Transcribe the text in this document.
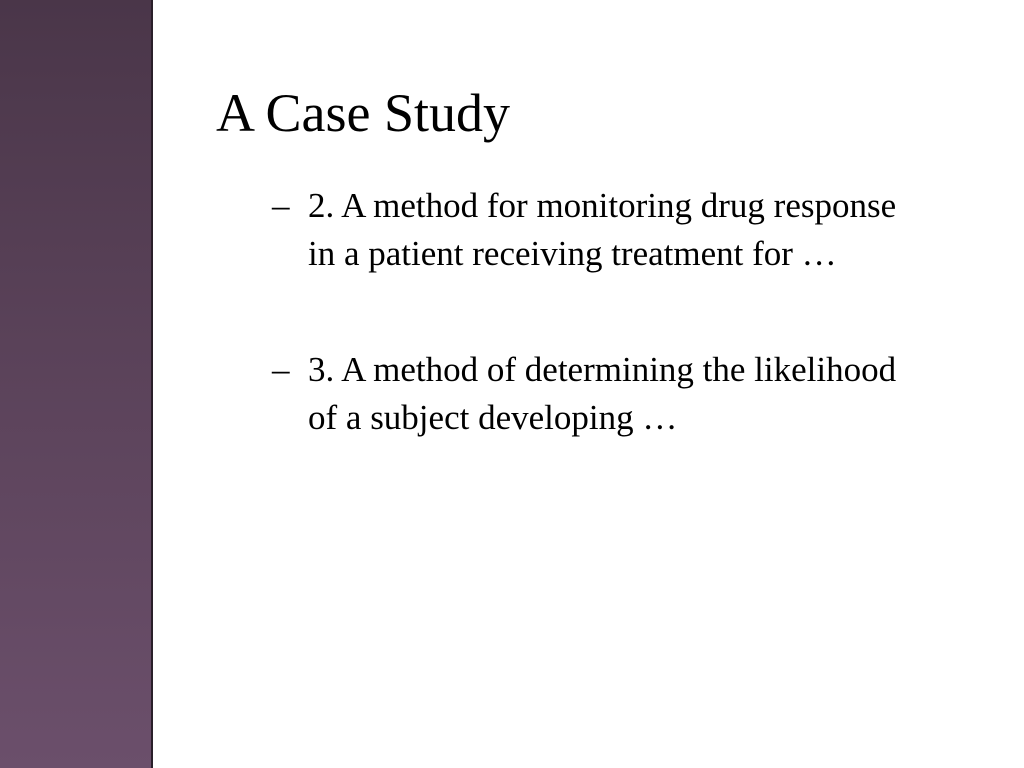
A Case Study
– 2. A method for monitoring drug response in a patient receiving treatment for …
– 3. A method of determining the likelihood of a subject developing …
